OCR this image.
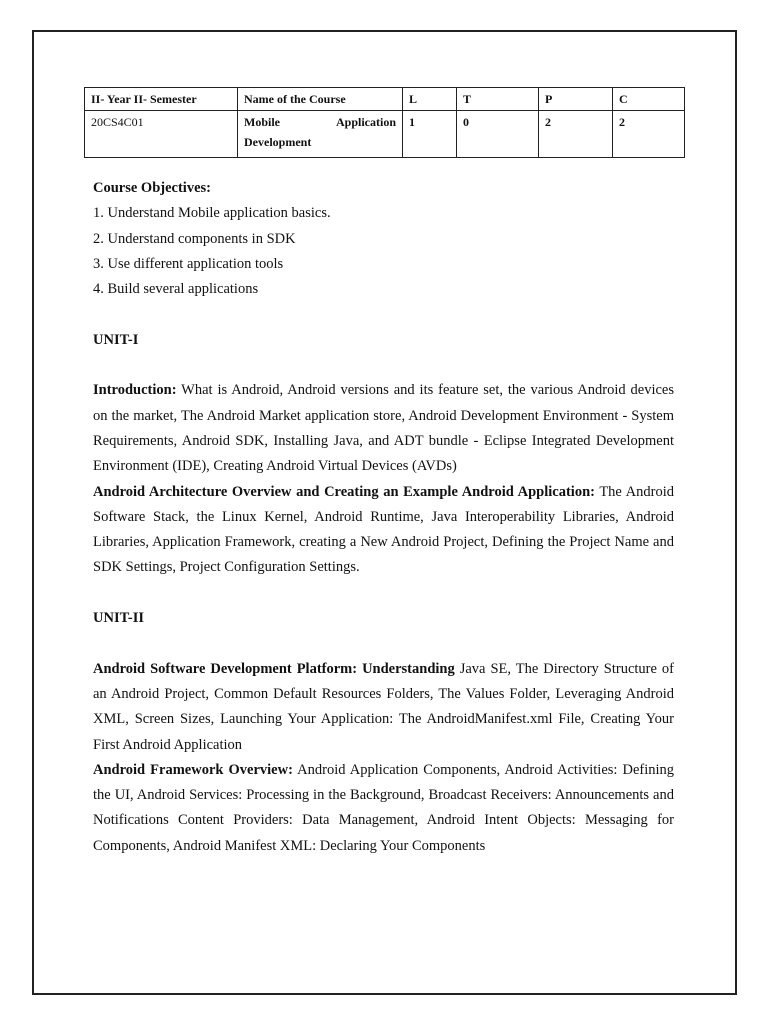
II- Year II- Semester	Name of the Course	L	T	P	C
20CS4C01	Mobile Application Development	1	0	2	2

Course Objectives:

1. Understand Mobile application basics.

2. Understand components in SDK

3. Use different application tools

4. Build several applications

UNIT-I

Introduction: What is Android, Android versions and its feature set, the various Android devices on the market, The Android Market application store, Android Development Environment - System Requirements, Android SDK, Installing Java, and ADT bundle - Eclipse Integrated Development Environment (IDE), Creating Android Virtual Devices (AVDs)

Android Architecture Overview and Creating an Example Android Application: The Android Software Stack, the Linux Kernel, Android Runtime, Java Interoperability Libraries, Android Libraries, Application Framework, creating a New Android Project, Defining the Project Name and SDK Settings, Project Configuration Settings.

UNIT-II

Android Software Development Platform: Understanding Java SE, The Directory Structure of an Android Project, Common Default Resources Folders, The Values Folder, Leveraging Android XML, Screen Sizes, Launching Your Application: The AndroidManifest.xml File, Creating Your First Android Application

Android Framework Overview: Android Application Components, Android Activities: Defining the UI, Android Services: Processing in the Background, Broadcast Receivers: Announcements and Notifications Content Providers: Data Management, Android Intent Objects: Messaging for Components, Android Manifest XML: Declaring Your Components
